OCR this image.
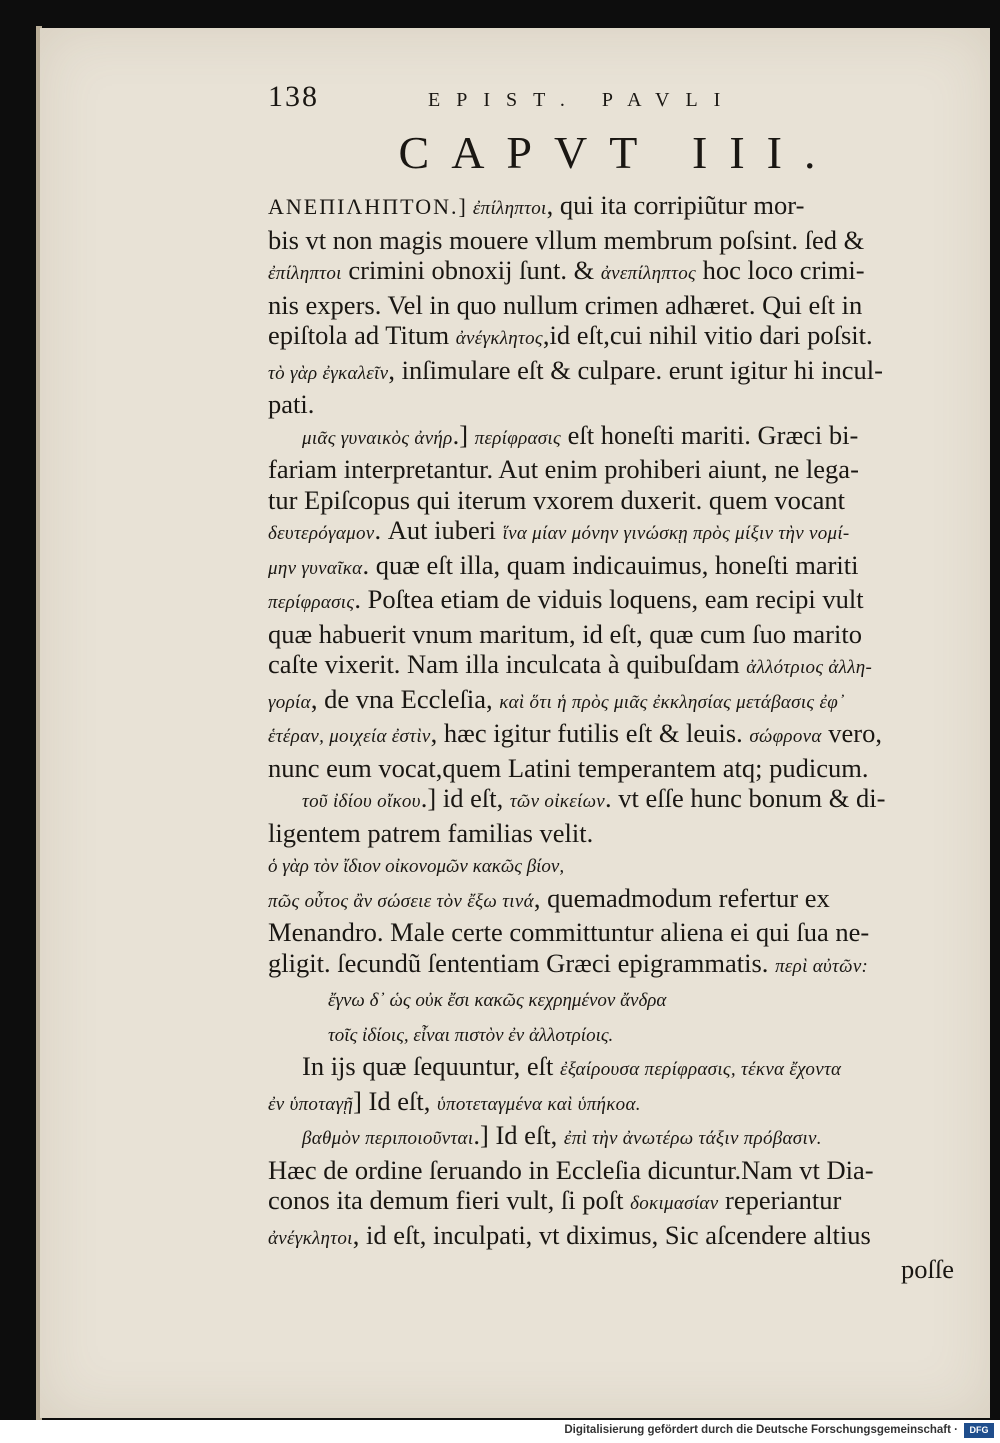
138	EPIST. PAVLI
CAPVT III.
ΑΝΕΠΙΛΗΠΤΟΝ.] ἐπίληπτοι, qui ita corripiũtur mor-
bis vt non magis mouere vllum membrum poſsint. ſed &
ἐπίληπτοι crimini obnoxij ſunt. & ἀνεπίληπτος hoc loco crimi-
nis expers. Vel in quo nullum crimen adhæret. Qui eſt in
epiſtola ad Titum ἀνέγκλητος,id eſt,cui nihil vitio dari poſsit.
τὸ γὰρ ἐγκαλεῖν, inſimulare eſt & culpare. erunt igitur hi incul-
pati.
μιᾶς γυναικὸς ἀνήρ.] περίφρασις eſt honeſti mariti. Græci bi-
fariam interpretantur. Aut enim prohiberi aiunt, ne lega-
tur Epiſcopus qui iterum vxorem duxerit. quem vocant
δευτερόγαμον. Aut iuberi ἵνα μίαν μόνην γινώσκῃ πρὸς μίξιν τὴν νομί-
μην γυναῖκα. quæ eſt illa, quam indicauimus, honeſti mariti
περίφρασις. Poſtea etiam de viduis loquens, eam recipi vult
quæ habuerit vnum maritum, id eſt, quæ cum ſuo marito
caſte vixerit. Nam illa inculcata à quibuſdam ἀλλότριος ἀλλη-
γορία, de vna Eccleſia, καὶ ὅτι ἡ πρὸς μιᾶς ἐκκλησίας μετάβασις ἐφ᾽
ἑτέραν, μοιχεία ἐστὶν, hæc igitur futilis eſt & leuis. σώφρονα vero,
nunc eum vocat,quem Latini temperantem atq; pudicum.
τοῦ ἰδίου οἴκου.] id eſt, τῶν οἰκείων. vt eſſe hunc bonum & di-
ligentem patrem familias velit.
ὁ γὰρ τὸν ἴδιον οἰκονομῶν κακῶς βίον,
πῶς οὗτος ἂν σώσειε τὸν ἔξω τινά, quemadmodum refertur ex
Menandro. Male certe committuntur aliena ei qui ſua ne-
gligit. ſecundũ ſententiam Græci epigrammatis. περὶ αὐτῶν:
ἔγνω δ᾽ ὡς οὐκ ἔσι κακῶς κεχρημένον ἄνδρα
τοῖς ἰδίοις, εἶναι πιστὸν ἐν ἀλλοτρίοις.
In ijs quæ ſequuntur, eſt ἐξαίρουσα περίφρασις, τέκνα ἔχοντα
ἐν ὑποταγῇ] Id eſt, ὑποτεταγμένα καὶ ὑπήκοα.
βαθμὸν περιποιοῦνται.] Id eſt, ἐπὶ τὴν ἀνωτέρω τάξιν πρόβασιν.
Hæc de ordine ſeruando in Eccleſia dicuntur.Nam vt Dia-
conos ita demum fieri vult, ſi poſt δοκιμασίαν reperiantur
ἀνέγκλητοι, id eſt, inculpati, vt diximus, Sic aſcendere altius
poſſe
Digitalisierung gefördert durch die Deutsche Forschungsgemeinschaft ·	DFG
